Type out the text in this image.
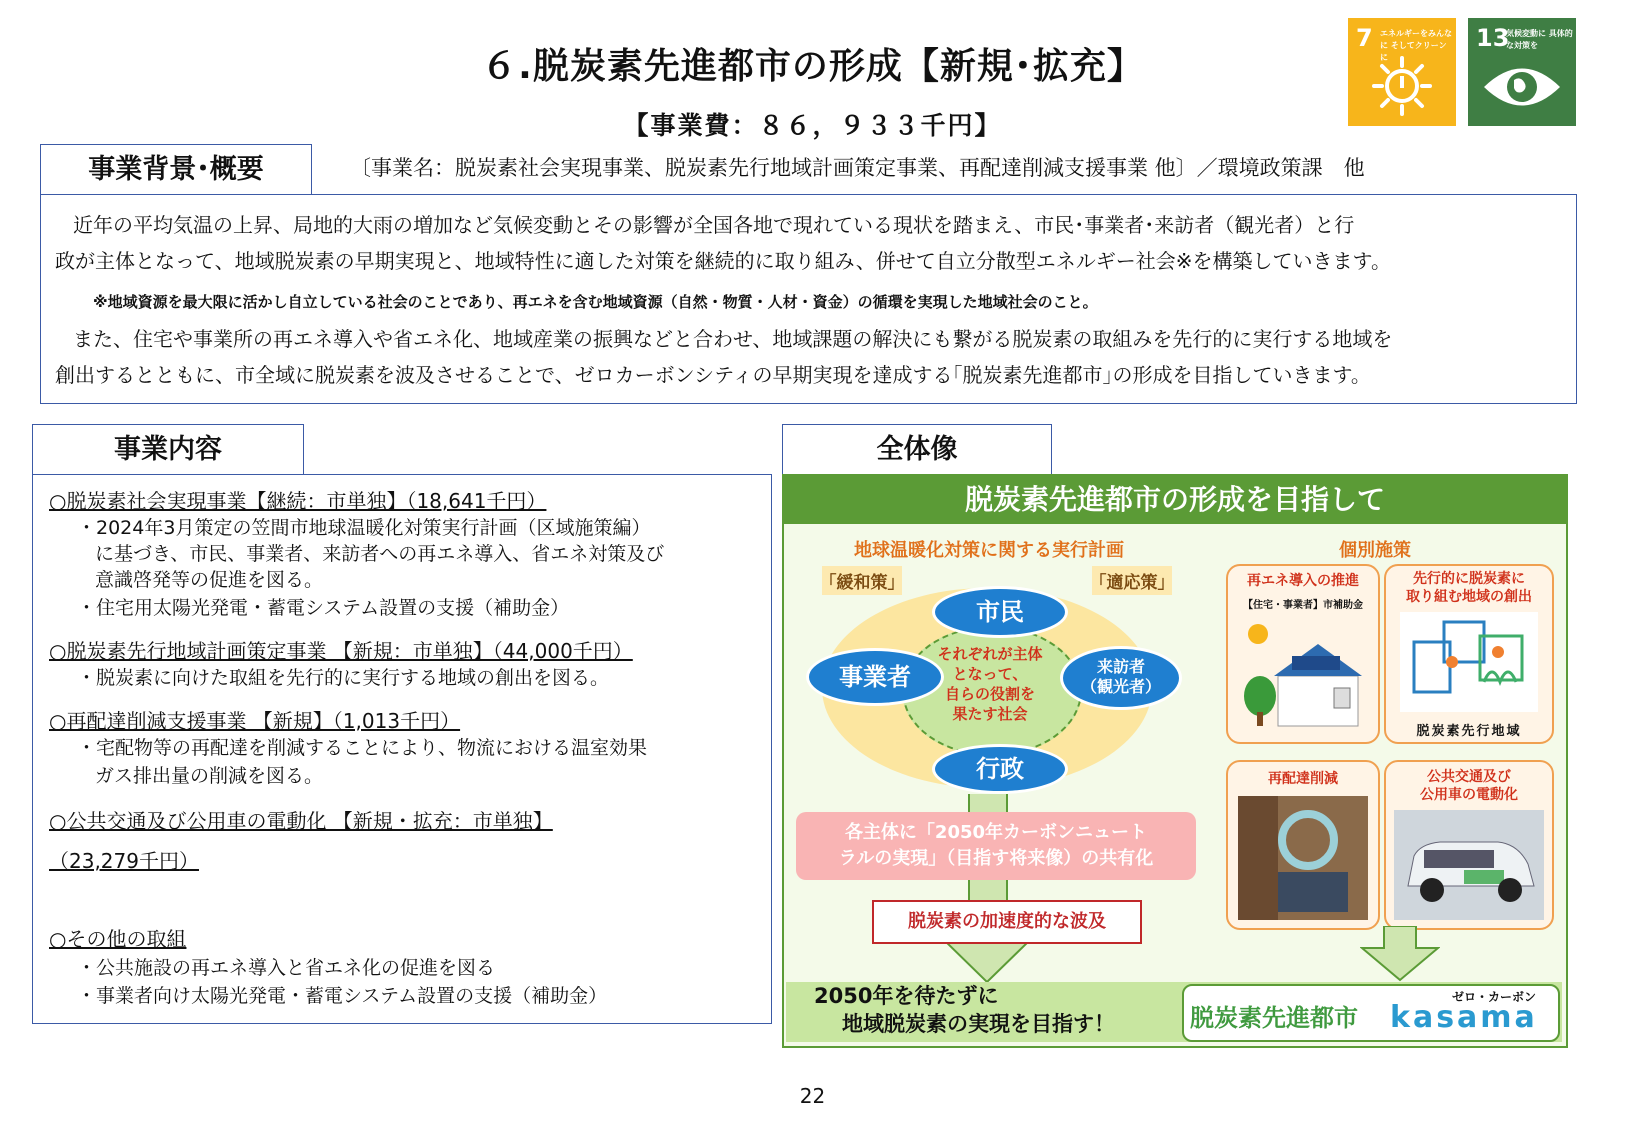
６.脱炭素先進都市の形成【新規･拡充】
【事業費：８６，９３３千円】
7 エネルギーをみんなに そしてクリーンに
13
気候変動に 具体的な対策を
事業背景･概要	〔事業名：脱炭素社会実現事業、脱炭素先行地域計画策定事業、再配達削減支援事業 他〕／環境政策課　他
　近年の平均気温の上昇、局地的大雨の増加など気候変動とその影響が全国各地で現れている現状を踏まえ、市民･事業者･来訪者（観光者）と行
政が主体となって、地域脱炭素の早期実現と、地域特性に適した対策を継続的に取り組み、併せて自立分散型エネルギー社会※を構築していきます。
※地域資源を最大限に活かし自立している社会のことであり、再エネを含む地域資源（自然・物質・人材・資金）の循環を実現した地域社会のこと。
　また、住宅や事業所の再エネ導入や省エネ化、地域産業の振興などと合わせ、地域課題の解決にも繋がる脱炭素の取組みを先行的に実行する地域を
創出するとともに、市全域に脱炭素を波及させることで、ゼロカーボンシティの早期実現を達成する｢脱炭素先進都市｣の形成を目指していきます。
事業内容
○脱炭素社会実現事業【継続：市単独】（18,641千円）
・2024年3月策定の笠間市地球温暖化対策実行計画（区域施策編）
に基づき、市民、事業者、来訪者への再エネ導入、省エネ対策及び
意識啓発等の促進を図る。
・住宅用太陽光発電・蓄電システム設置の支援（補助金）
○脱炭素先行地域計画策定事業 【新規：市単独】（44,000千円）
・脱炭素に向けた取組を先行的に実行する地域の創出を図る。
○再配達削減支援事業 【新規】（1,013千円）
・宅配物等の再配達を削減することにより、物流における温室効果
ガス排出量の削減を図る。
○公共交通及び公用車の電動化 【新規・拡充：市単独】
（23,279千円）
○その他の取組
・公共施設の再エネ導入と省エネ化の促進を図る
・事業者向け太陽光発電・蓄電システム設置の支援（補助金）
全体像
脱炭素先進都市の形成を目指して
地球温暖化対策に関する実行計画	個別施策
それぞれが主体
となって、
自らの役割を
果たす社会
｢緩和策｣	｢適応策｣
市民
事業者	来訪者
（観光者）
行政
各主体に「2050年カーボンニュート
ラルの実現」（目指す将来像）の共有化
脱炭素の加速度的な波及
再エネ導入の推進
【住宅・事業者】市補助金
先行的に脱炭素に
取り組む地域の創出
脱炭素先行地域
再配達削減	公共交通及び
公用車の電動化
2050年を待たずに
地域脱炭素の実現を目指す！	脱炭素先進都市
ゼロ・カーボン
kasama
22
